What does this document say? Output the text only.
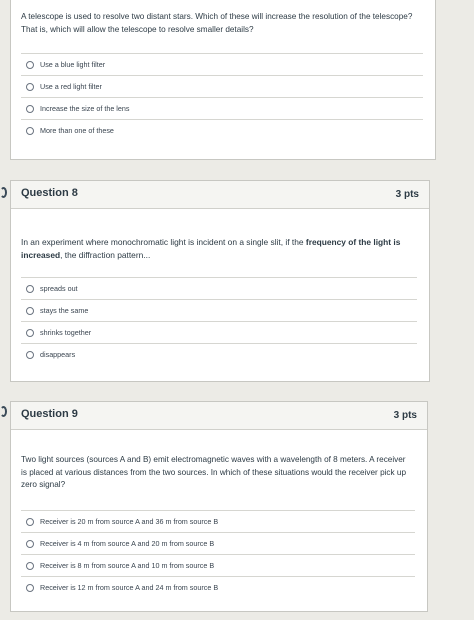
A telescope is used to resolve two distant stars. Which of these will increase the resolution of the telescope? That is, which will allow the telescope to resolve smaller details?
Use a blue light filter
Use a red light filter
Increase the size of the lens
More than one of these
Question 8	3 pts
In an experiment where monochromatic light is incident on a single slit, if the frequency of the light is increased, the diffraction pattern...
spreads out
stays the same
shrinks together
disappears
Question 9	3 pts
Two light sources (sources A and B) emit electromagnetic waves with a wavelength of 8 meters. A receiver is placed at various distances from the two sources. In which of these situations would the receiver pick up zero signal?
Receiver is 20 m from source A and 36 m from source B
Receiver is 4 m from source A and 20 m from source B
Receiver is 8 m from source A and 10 m from source B
Receiver is 12 m from source A and 24 m from source B
